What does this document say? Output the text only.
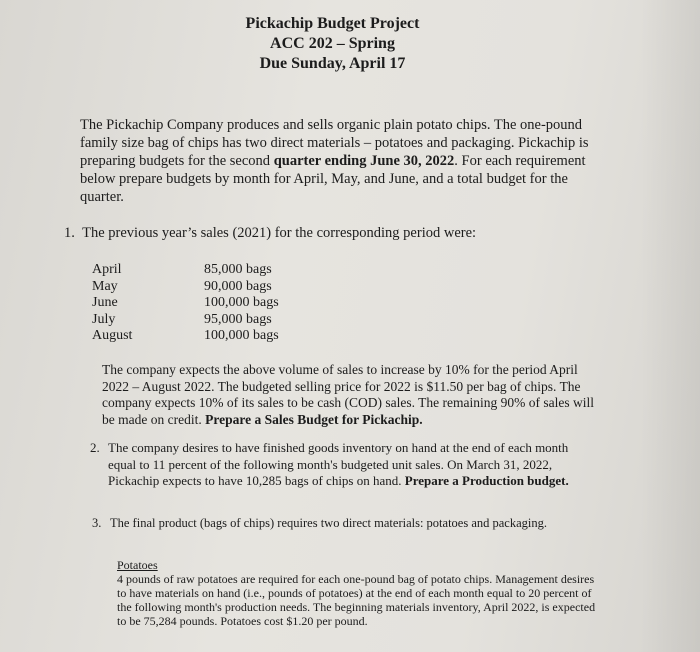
Pickachip Budget Project
ACC 202 – Spring
Due Sunday, April 17
The Pickachip Company produces and sells organic plain potato chips. The one-pound family size bag of chips has two direct materials – potatoes and packaging. Pickachip is preparing budgets for the second quarter ending June 30, 2022. For each requirement below prepare budgets by month for April, May, and June, and a total budget for the quarter.
1. The previous year’s sales (2021) for the corresponding period were:
April	85,000 bags
May	90,000 bags
June	100,000 bags
July	95,000 bags
August	100,000 bags
The company expects the above volume of sales to increase by 10% for the period April 2022 – August 2022. The budgeted selling price for 2022 is $11.50 per bag of chips. The company expects 10% of its sales to be cash (COD) sales. The remaining 90% of sales will be made on credit. Prepare a Sales Budget for Pickachip.
2. The company desires to have finished goods inventory on hand at the end of each month equal to 11 percent of the following month's budgeted unit sales. On March 31, 2022, Pickachip expects to have 10,285 bags of chips on hand. Prepare a Production budget.
3. The final product (bags of chips) requires two direct materials: potatoes and packaging.
Potatoes
4 pounds of raw potatoes are required for each one-pound bag of potato chips. Management desires to have materials on hand (i.e., pounds of potatoes) at the end of each month equal to 20 percent of the following month's production needs. The beginning materials inventory, April 2022, is expected to be 75,284 pounds. Potatoes cost $1.20 per pound.
